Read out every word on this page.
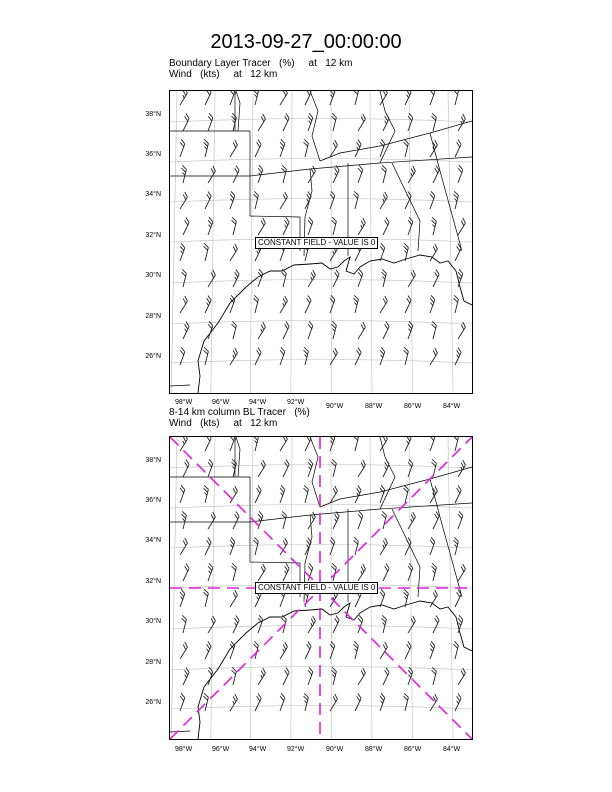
2013-09-27_00:00:00
Boundary Layer Tracer   (%) at   12 km
Wind   (kts)     at   12 km
CONSTANT FIELD - VALUE IS 0
38°N
36°N
34°N
32°N
30°N
28°N
26°N
98°W	96°W	94°W	92°W
90°W	88°W	86°W	84°W
8-14 km column BL Tracer   (%)
Wind   (kts)     at   12 km
CONSTANT FIELD - VALUE IS 0
38°N
36°N
34°N
32°N
30°N
28°N
26°N
98°W	96°W	94°W	92°W	90°W	88°W	86°W	84°W
